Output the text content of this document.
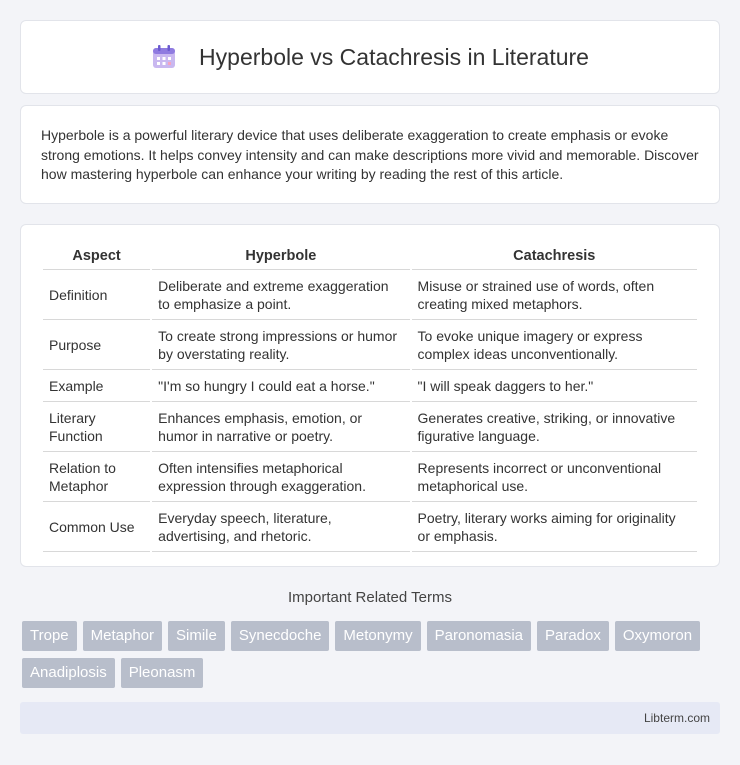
Hyperbole vs Catachresis in Literature

Hyperbole is a powerful literary device that uses deliberate exaggeration to create emphasis or evoke strong emotions. It helps convey intensity and can make descriptions more vivid and memorable. Discover how mastering hyperbole can enhance your writing by reading the rest of this article.

Aspect	Hyperbole	Catachresis
Definition	Deliberate and extreme exaggeration to emphasize a point.	Misuse or strained use of words, often creating mixed metaphors.
Purpose	To create strong impressions or humor by overstating reality.	To evoke unique imagery or express complex ideas unconventionally.
Example	"I'm so hungry I could eat a horse."	"I will speak daggers to her."
Literary Function	Enhances emphasis, emotion, or humor in narrative or poetry.	Generates creative, striking, or innovative figurative language.
Relation to Metaphor	Often intensifies metaphorical expression through exaggeration.	Represents incorrect or unconventional metaphorical use.
Common Use	Everyday speech, literature, advertising, and rhetoric.	Poetry, literary works aiming for originality or emphasis.
Important Related Terms
Trope	Metaphor	Simile	Synecdoche	Metonymy	Paronomasia	Paradox	Oxymoron
Anadiplosis	Pleonasm
Libterm.com
